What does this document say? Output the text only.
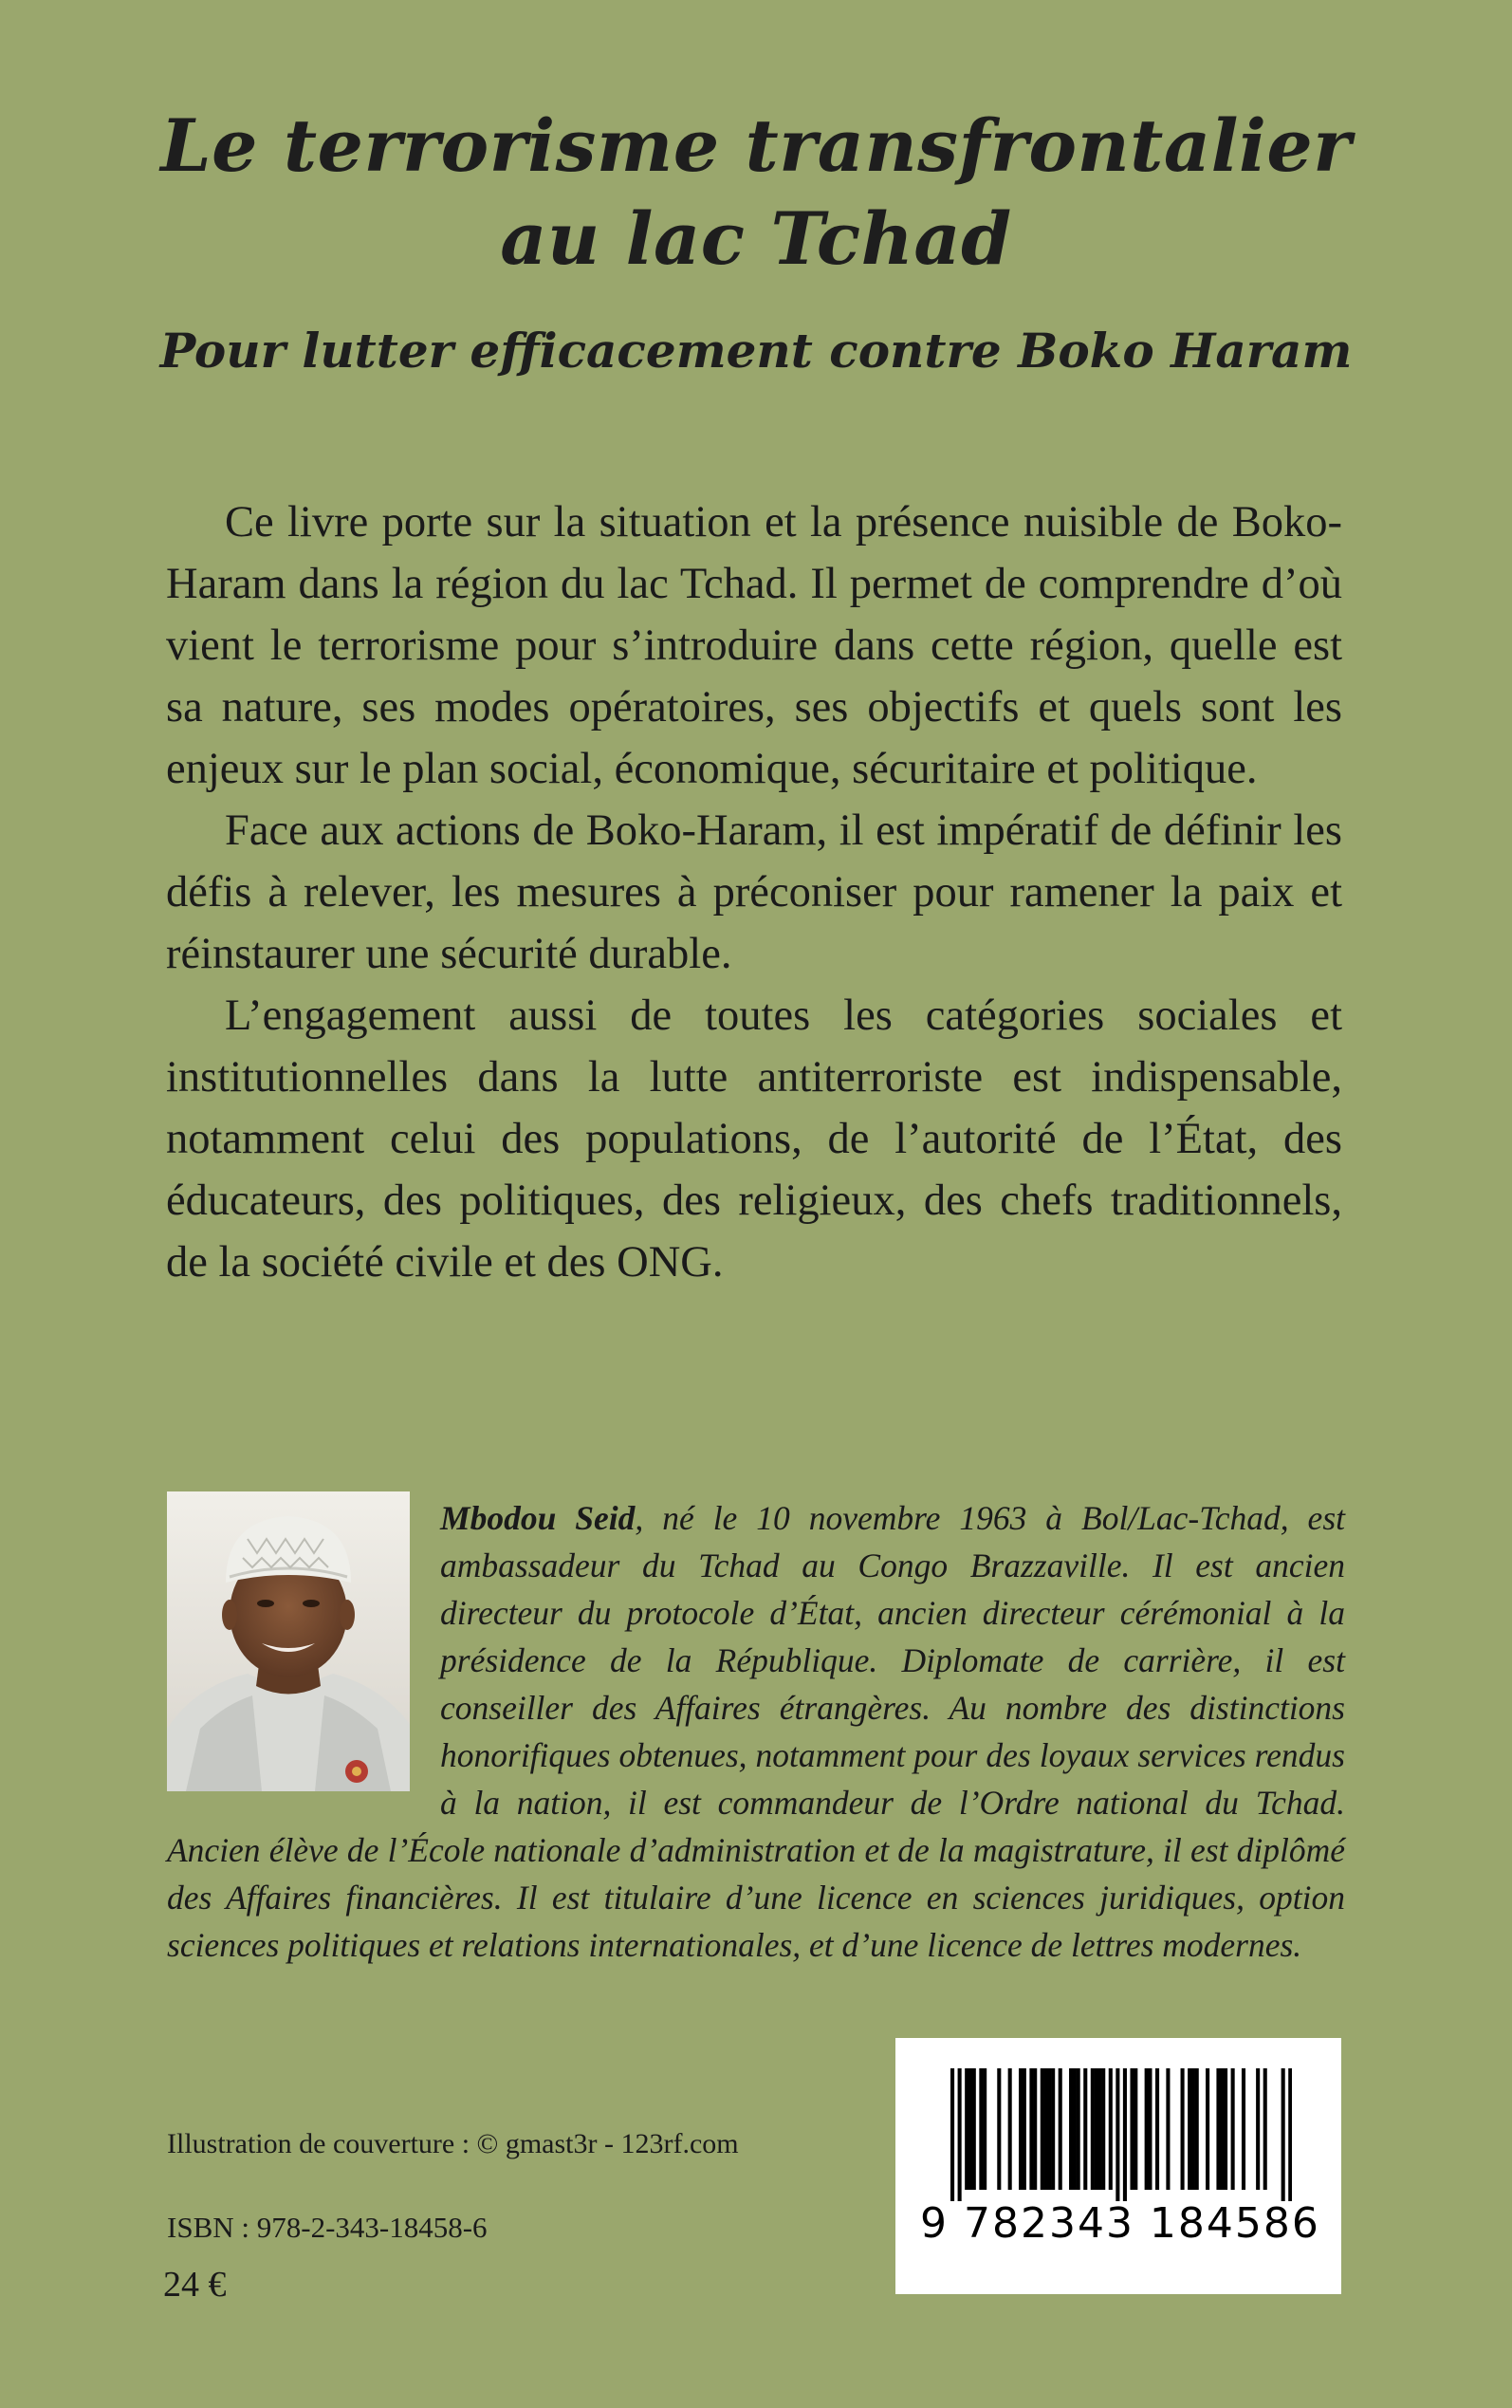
Le terrorisme transfrontalier
au lac Tchad
Pour lutter efficacement contre Boko Haram

Ce livre porte sur la situation et la présence nuisible de Boko-Haram dans la région du lac Tchad. Il permet de comprendre d’où vient le terrorisme pour s’introduire dans cette région, quelle est sa nature, ses modes opératoires, ses objectifs et quels sont les enjeux sur le plan social, économique, sécuritaire et politique.

Face aux actions de Boko-Haram, il est impératif de définir les défis à relever, les mesures à préconiser pour ramener la paix et réinstaurer une sécurité durable.

L’engagement aussi de toutes les catégories sociales et institutionnelles dans la lutte antiterroriste est indispensable, notamment celui des populations, de l’autorité de l’État, des éducateurs, des politiques, des religieux, des chefs traditionnels, de la société civile et des ONG.

Mbodou Seid, né le 10 novembre 1963 à Bol/Lac-Tchad, est ambassadeur du Tchad au Congo Brazzaville. Il est ancien directeur du protocole d’État, ancien directeur cérémonial à la présidence de la République. Diplomate de carrière, il est conseiller des Affaires étrangères. Au nombre des distinctions honorifiques obtenues, notamment pour des loyaux services rendus à la nation, il est commandeur de l’Ordre national du Tchad. Ancien élève de l’École nationale d’administration et de la magistrature, il est diplômé des Affaires financières. Il est titulaire d’une licence en sciences juridiques, option sciences politiques et relations internationales, et d’une licence de lettres modernes.
Illustration de couverture : © gmast3r - 123rf.com
ISBN : 978-2-343-18458-6
24 €
9 782343 184586
